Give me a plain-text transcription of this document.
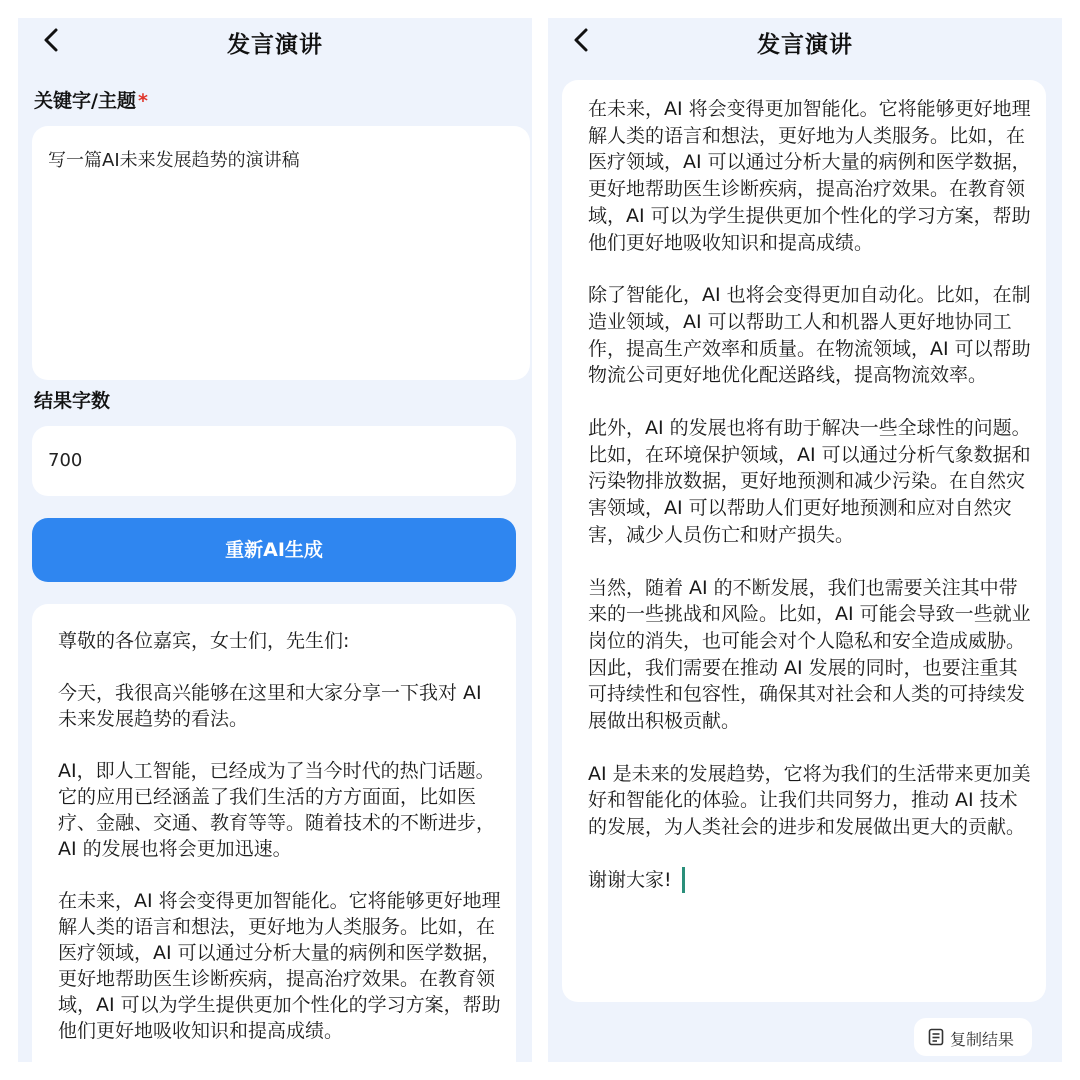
发言演讲
关键字/主题 *
写一篇AI未来发展趋势的演讲稿
结果字数
700
重新AI生成

尊敬的各位嘉宾，女士们，先生们:

今天，我很高兴能够在这里和大家分享一下我对 AI 未来发展趋势的看法。

AI，即人工智能，已经成为了当今时代的热门话题。它的应用已经涵盖了我们生活的方方面面，比如医疗、金融、交通、教育等等。随着技术的不断进步，AI 的发展也将会更加迅速。

在未来，AI 将会变得更加智能化。它将能够更好地理解人类的语言和想法，更好地为人类服务。比如，在医疗领域，AI 可以通过分析大量的病例和医学数据，更好地帮助医生诊断疾病，提高治疗效果。在教育领域，AI 可以为学生提供更加个性化的学习方案，帮助他们更好地吸收知识和提高成绩。

发言演讲

在未来，AI 将会变得更加智能化。它将能够更好地理解人类的语言和想法，更好地为人类服务。比如，在医疗领域，AI 可以通过分析大量的病例和医学数据，更好地帮助医生诊断疾病，提高治疗效果。在教育领域，AI 可以为学生提供更加个性化的学习方案，帮助他们更好地吸收知识和提高成绩。

除了智能化，AI 也将会变得更加自动化。比如，在制造业领域，AI 可以帮助工人和机器人更好地协同工作，提高生产效率和质量。在物流领域，AI 可以帮助物流公司更好地优化配送路线，提高物流效率。

此外，AI 的发展也将有助于解决一些全球性的问题。比如，在环境保护领域，AI 可以通过分析气象数据和污染物排放数据，更好地预测和减少污染。在自然灾害领域，AI 可以帮助人们更好地预测和应对自然灾害，减少人员伤亡和财产损失。

当然，随着 AI 的不断发展，我们也需要关注其中带来的一些挑战和风险。比如，AI 可能会导致一些就业岗位的消失，也可能会对个人隐私和安全造成威胁。因此，我们需要在推动 AI 发展的同时，也要注重其可持续性和包容性，确保其对社会和人类的可持续发展做出积极贡献。

AI 是未来的发展趋势，它将为我们的生活带来更加美好和智能化的体验。让我们共同努力，推动 AI 技术的发展，为人类社会的进步和发展做出更大的贡献。

谢谢大家!

复制结果
